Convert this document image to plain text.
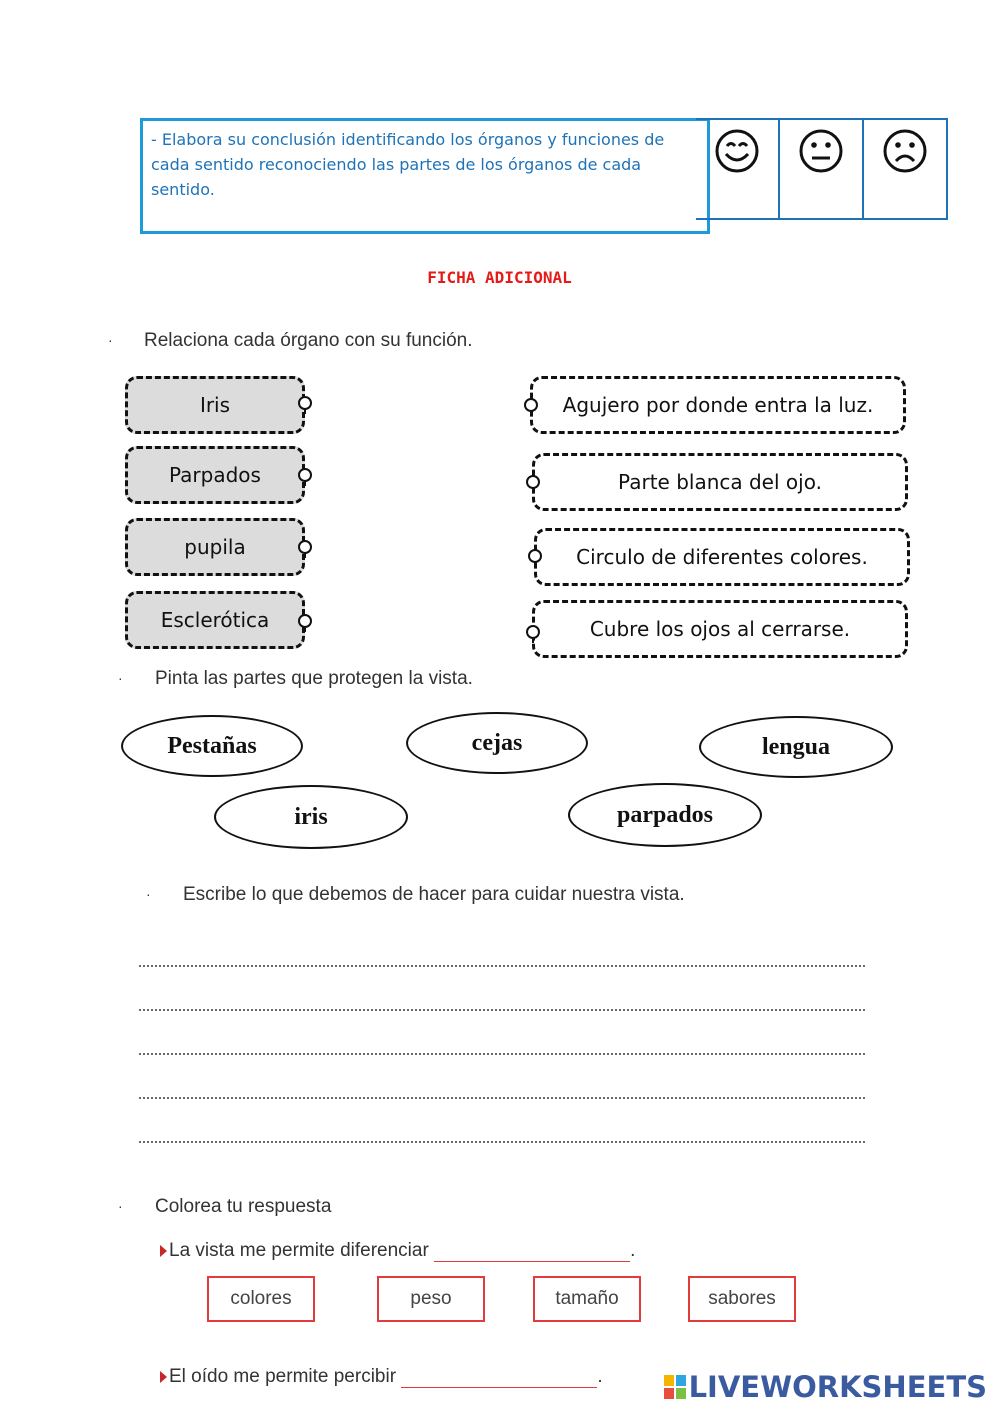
- Elabora su conclusión identificando los órganos y funciones de cada sentido reconociendo las partes de los órganos de cada sentido.
FICHA ADICIONAL
· Relaciona cada órgano con su función.
Iris
Parpados
pupila
Esclerótica
Agujero por donde entra la luz.
Parte blanca del ojo.
Circulo de diferentes colores.
Cubre los ojos al cerrarse.
· Pinta las partes que protegen la vista.
Pestañas	cejas	lengua
iris	parpados
· Escribe lo que debemos de hacer para cuidar nuestra vista.
· Colorea tu respuesta
La vista me permite diferenciar	.
colores	peso	tamaño	sabores
El oído me permite percibir	.	LIVEWORKSHEETS
